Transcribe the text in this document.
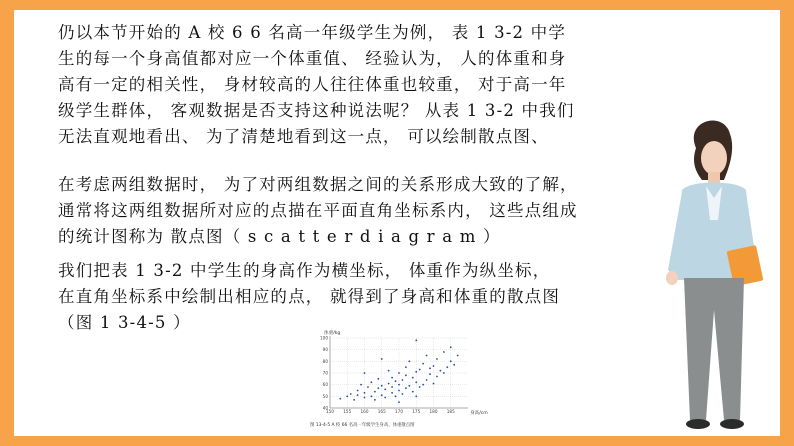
仍以本节开始的 A 校 6 6 名高一年级学生为例， 表 1 3-2 中学
生的每一个身高值都对应一个体重值、 经验认为， 人的体重和身
高有一定的相关性， 身材较高的人往往体重也较重， 对于高一年
级学生群体， 客观数据是否支持这种说法呢？ 从表 1 3-2 中我们
无法直观地看出、 为了清楚地看到这一点， 可以绘制散点图、

在考虑两组数据时， 为了对两组数据之间的关系形成大致的了解，
通常将这两组数据所对应的点描在平面直角坐标系内， 这些点组成
的统计图称为 散点图（ s c a t t e r d i a g r a m ）

我们把表 1 3-2 中学生的身高作为横坐标， 体重作为纵坐标，
在直角坐标系中绘制出相应的点， 就得到了身高和体重的散点图
（图 1 3-4-5 ）

体重/kg
身高/cm
40
50
60
70
80
90
100
150 155 160 165 170 175 180 185
图 13-4-5 A 校 66 名高一年级学生身高、体重散点图
